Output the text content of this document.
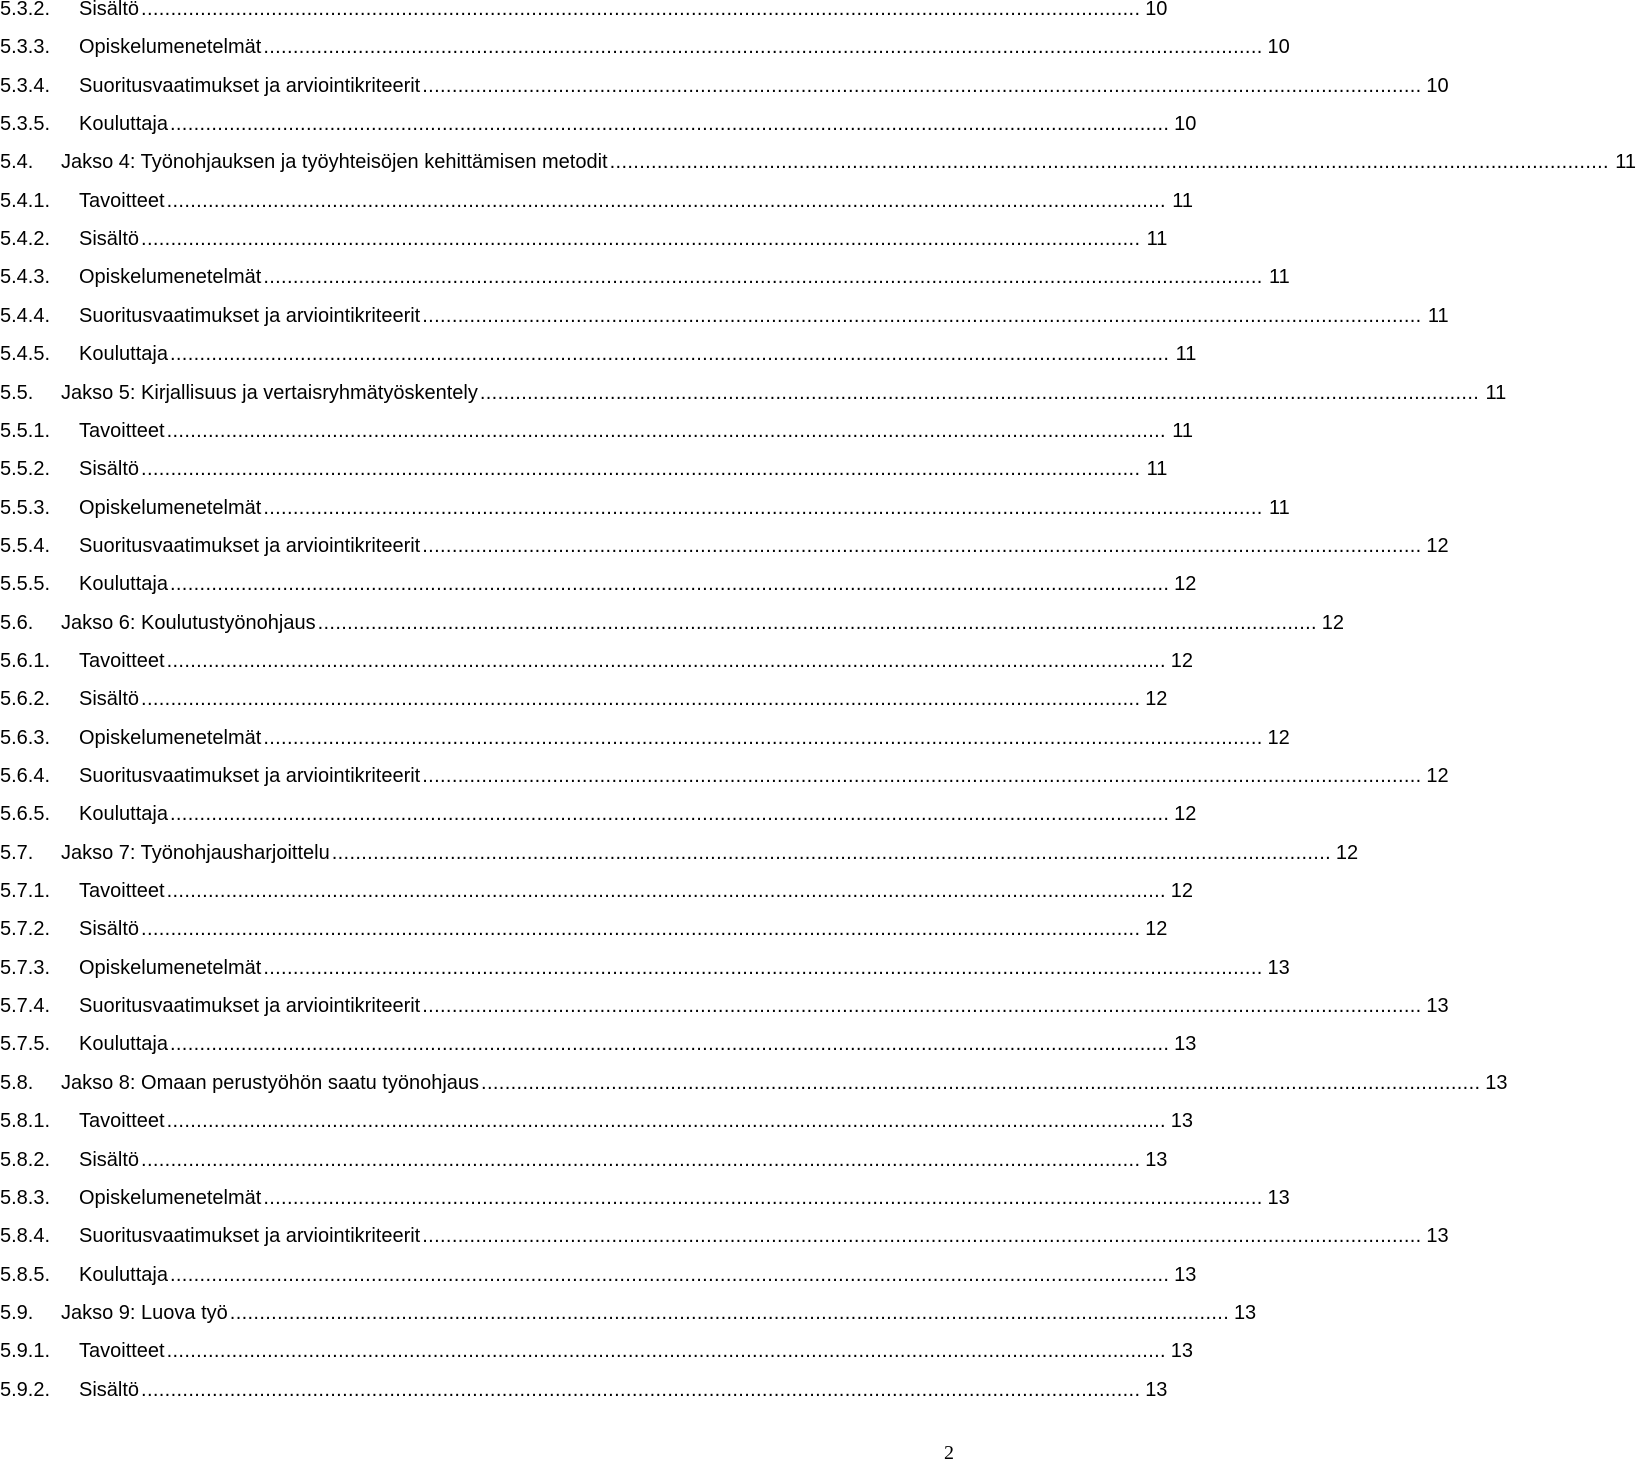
5.3.2.	Sisältö . . .	10
5.3.3.	Opiskelumenetelmät . . .	10
5.3.4.	Suoritusvaatimukset ja arviointikriteerit . . .	10
5.3.5.	Kouluttaja . . .	10
5.4.	Jakso 4: Työnohjauksen ja työyhteisöjen kehittämisen metodit . . .	11
5.4.1.	Tavoitteet . . .	11
5.4.2.	Sisältö . . .	11
5.4.3.	Opiskelumenetelmät . . .	11
5.4.4.	Suoritusvaatimukset ja arviointikriteerit . . .	11
5.4.5.	Kouluttaja . . .	11
5.5.	Jakso 5: Kirjallisuus ja vertaisryhmätyöskentely . . .	11
5.5.1.	Tavoitteet . . .	11
5.5.2.	Sisältö . . .	11
5.5.3.	Opiskelumenetelmät . . .	11
5.5.4.	Suoritusvaatimukset ja arviointikriteerit . . .	12
5.5.5.	Kouluttaja . . .	12
5.6.	Jakso 6: Koulutustyönohjaus . . .	12
5.6.1.	Tavoitteet . . .	12
5.6.2.	Sisältö . . .	12
5.6.3.	Opiskelumenetelmät . . .	12
5.6.4.	Suoritusvaatimukset ja arviointikriteerit . . .	12
5.6.5.	Kouluttaja . . .	12
5.7.	Jakso 7: Työnohjausharjoittelu . . .	12
5.7.1.	Tavoitteet . . .	12
5.7.2.	Sisältö . . .	12
5.7.3.	Opiskelumenetelmät . . .	13
5.7.4.	Suoritusvaatimukset ja arviointikriteerit . . .	13
5.7.5.	Kouluttaja . . .	13
5.8.	Jakso 8: Omaan perustyöhön saatu työnohjaus . . .	13
5.8.1.	Tavoitteet . . .	13
5.8.2.	Sisältö . . .	13
5.8.3.	Opiskelumenetelmät . . .	13
5.8.4.	Suoritusvaatimukset ja arviointikriteerit . . .	13
5.8.5.	Kouluttaja . . .	13
5.9.	Jakso 9: Luova työ . . .	13
5.9.1.	Tavoitteet . . .	13
5.9.2.	Sisältö . . .	13
2
